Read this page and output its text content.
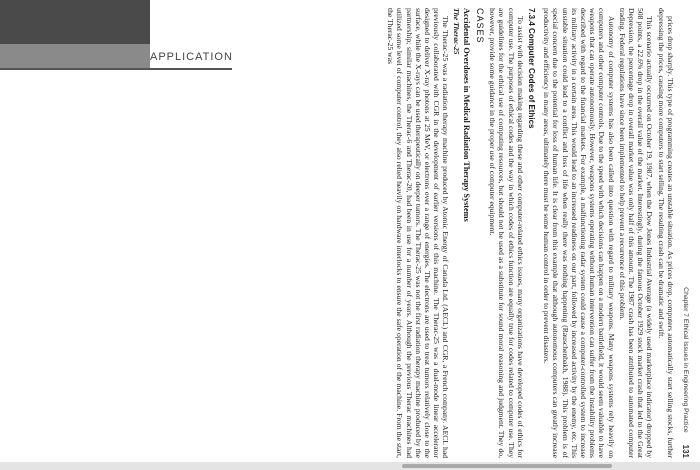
APPLICATION
Chapter 7 Ethical Issues in Engineering Practice
131

prices drop sharply. This type of programming creates an unstable situation. As prices drop, computers automatically start selling stocks, further depressing the prices, causing more computers to start selling. The resulting crash can be dramatic and swift.

This scenario actually occurred on October 19, 1987, when the Dow Jones Industrial Average (a widely used marketplace indicator) dropped by 508 points, a 22.6% drop in the overall value of the market. Interestingly, during the famous October 1929 stock market crash that led to the Great Depression, the percentage drop in overall market value was only half of this amount. The 1987 crash has been attributed to automated computer trading. Federal regulations have since been implemented to help prevent a recurrence of this problem.

Autonomy of computer systems has also been called into question with regard to military weapons. Many weapons systems rely heavily on computers and other computer controls. Due to the speed with which decisions can happen on a modern battlefield, it would seem valuable to have weapons that can operate autonomously. However, weapons systems operating without human intervention can suffer from the instability problems described with regard to the financial markets. For example, a malfunctioning radar system could cause a computer-controlled system to increase its military activity in a certain area. This would lead to an increased readiness on our part, followed by increased activity by the enemy, etc. This unstable situation could lead to a conflict and loss of life when really there was nothing happening (Rauschenbakh, 1988). This problem is of special concern due to the potential for loss of human life. It is clear from this example that although autonomous computers can greatly increase productivity and efficiency in many areas, ultimately there must be some human control in order to prevent disasters.

7.3.4 Computer Codes of Ethics

To assist with decision making regarding these and other computer-related ethics issues, many organizations have developed codes of ethics for computer use. The purposes of ethical codes and the way in which codes of ethics function are equally true for codes related to computer use. They are guidelines for the ethical use of computing resources, but should not be used as a substitute for sound moral reasoning and judgment. They do, however, provide some guidance in the proper use of computer equipment.

CASES
Accidental Overdoses in Medical Radiation Therapy Systems
The Therac-25

The Therac-25 was a radiation therapy machine produced by Atomic Energy of Canada Ltd. (AECL) and CGR, a French company. AECL had previously collaborated with CGR in the development of earlier versions of this machine. The Therac-25 was a dual-mode linear accelerator designed to deliver X-ray photons at 25 MeV, or electrons over a range of energies. The electrons are used to treat tumors relatively close to the surface, while the X-rays can be used therapeutically on deeper tumors. The Therac-25 was not the first radiation therapy machine produced by the partnership; similar machines, the Therac-6 and Therac-20, had been in use for a number of years. Although the previous Therac machines had utilized some level of computer control, they also relied heavily on hardware interlocks to ensure the safe operation of the machine. From the start, the Therac-25 was
